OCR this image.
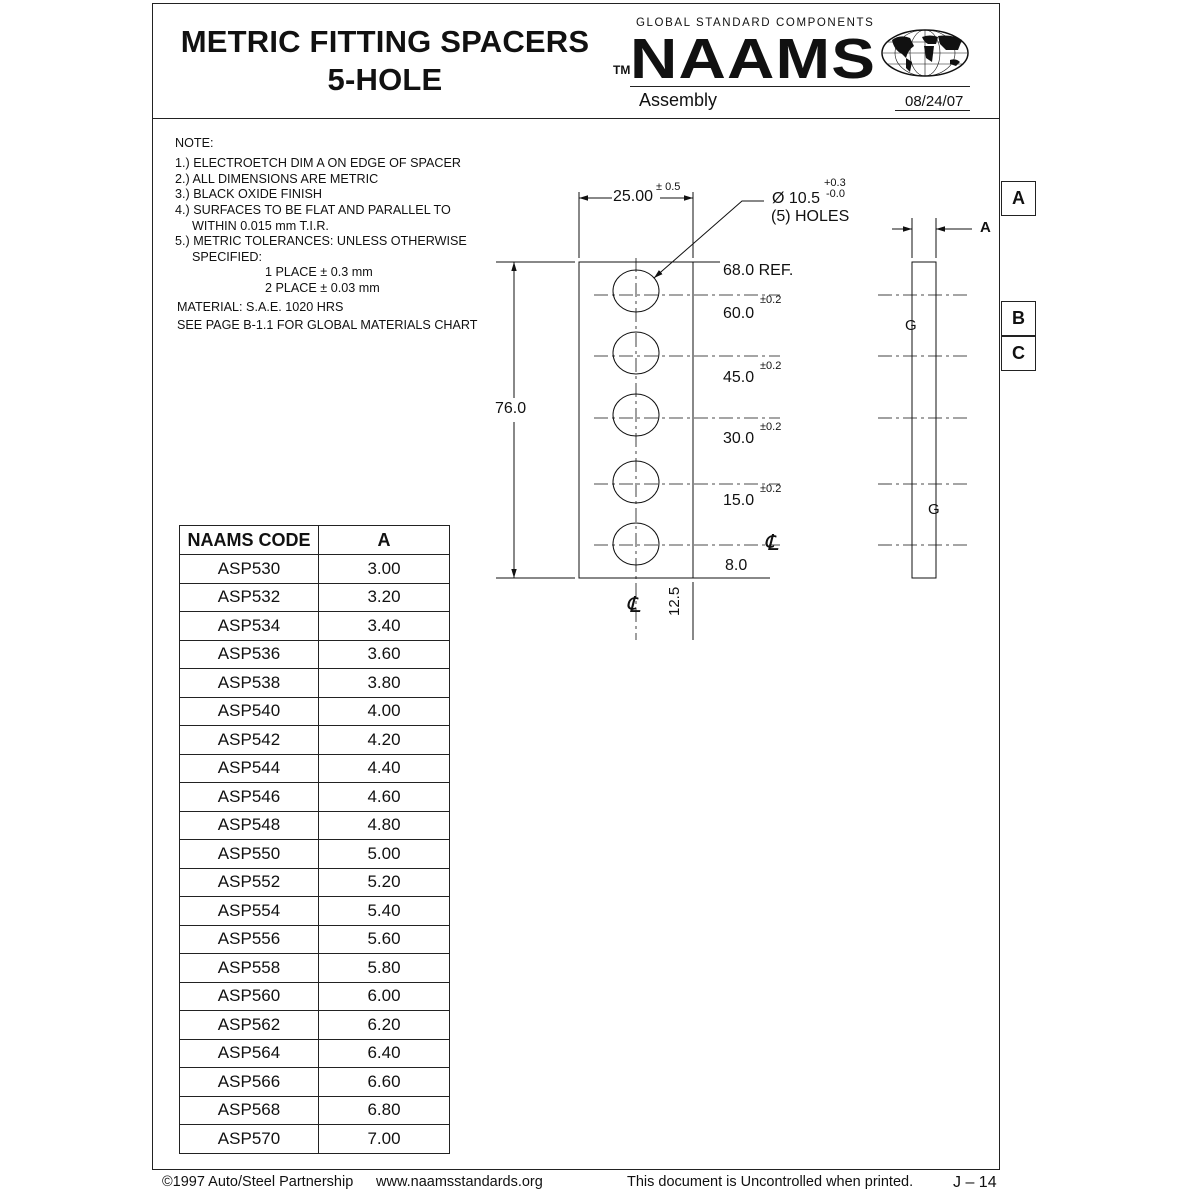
METRIC FITTING SPACERS
5-HOLE
GLOBAL STANDARD COMPONENTS
TM NAAMS
Assembly	08/24/07
NOTE:
1.) ELECTROETCH DIM A ON EDGE OF SPACER
2.) ALL DIMENSIONS ARE METRIC
3.) BLACK OXIDE FINISH
4.) SURFACES TO BE FLAT AND PARALLEL TO
WITHIN 0.015 mm T.I.R.
5.) METRIC TOLERANCES: UNLESS OTHERWISE
SPECIFIED:
1 PLACE ± 0.3 mm
2 PLACE ± 0.03 mm
MATERIAL: S.A.E. 1020 HRS
SEE PAGE B-1.1 FOR GLOBAL MATERIALS CHART
25.00
± 0.5
Ø 10.5
+0.3
-0.0
(5) HOLES
76.0
68.0 REF.
60.0
±0.2
45.0
±0.2
30.0
±0.2
15.0
±0.2
℄
8.0
℄ 12.5
A
G
G
A
B
C
NAAMS CODE	A
ASP530	3.00
ASP532	3.20
ASP534	3.40
ASP536	3.60
ASP538	3.80
ASP540	4.00
ASP542	4.20
ASP544	4.40
ASP546	4.60
ASP548	4.80
ASP550	5.00
ASP552	5.20
ASP554	5.40
ASP556	5.60
ASP558	5.80
ASP560	6.00
ASP562	6.20
ASP564	6.40
ASP566	6.60
ASP568	6.80
ASP570	7.00
©1997 Auto/Steel Partnership www.naamsstandards.org	This document is Uncontrolled when printed. J – 14
